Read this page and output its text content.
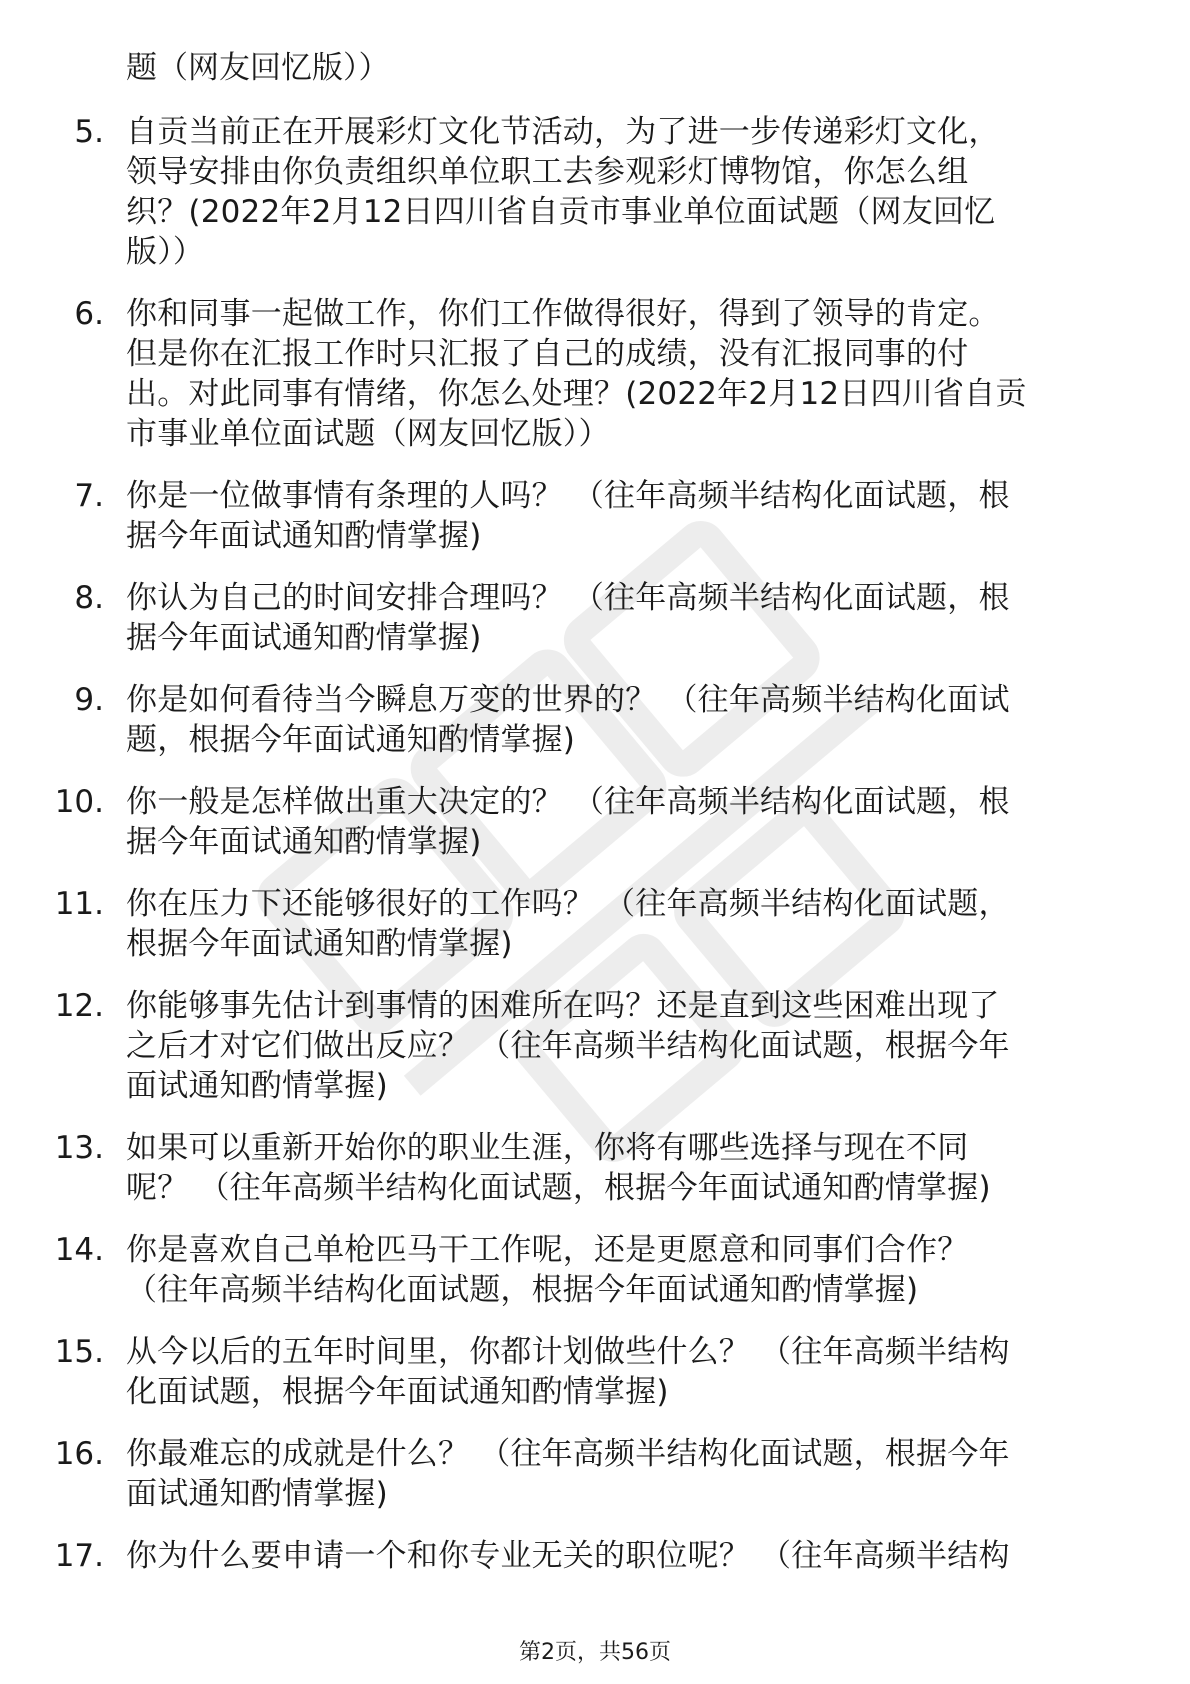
题（网友回忆版））
5. 自贡当前正在开展彩灯文化节活动，为了进一步传递彩灯文化，
领导安排由你负责组织单位职工去参观彩灯博物馆，你怎么组
织？(2022年2月12日四川省自贡市事业单位面试题（网友回忆
版））
6. 你和同事一起做工作，你们工作做得很好，得到了领导的肯定。
但是你在汇报工作时只汇报了自己的成绩，没有汇报同事的付
出。对此同事有情绪，你怎么处理？(2022年2月12日四川省自贡
市事业单位面试题（网友回忆版））
7. 你是一位做事情有条理的人吗？ （往年高频半结构化面试题，根
据今年面试通知酌情掌握)
8. 你认为自己的时间安排合理吗？ （往年高频半结构化面试题，根
据今年面试通知酌情掌握)
9. 你是如何看待当今瞬息万变的世界的？ （往年高频半结构化面试
题，根据今年面试通知酌情掌握)
10. 你一般是怎样做出重大决定的？ （往年高频半结构化面试题，根
据今年面试通知酌情掌握)
11. 你在压力下还能够很好的工作吗？ （往年高频半结构化面试题，
根据今年面试通知酌情掌握)
12. 你能够事先估计到事情的困难所在吗？还是直到这些困难出现了
之后才对它们做出反应？ （往年高频半结构化面试题，根据今年
面试通知酌情掌握)
13. 如果可以重新开始你的职业生涯，你将有哪些选择与现在不同
呢？ （往年高频半结构化面试题，根据今年面试通知酌情掌握)
14. 你是喜欢自己单枪匹马干工作呢，还是更愿意和同事们合作？
（往年高频半结构化面试题，根据今年面试通知酌情掌握)
15. 从今以后的五年时间里，你都计划做些什么？ （往年高频半结构
化面试题，根据今年面试通知酌情掌握)
16. 你最难忘的成就是什么？ （往年高频半结构化面试题，根据今年
面试通知酌情掌握)
17. 你为什么要申请一个和你专业无关的职位呢？ （往年高频半结构
第2页，共56页
